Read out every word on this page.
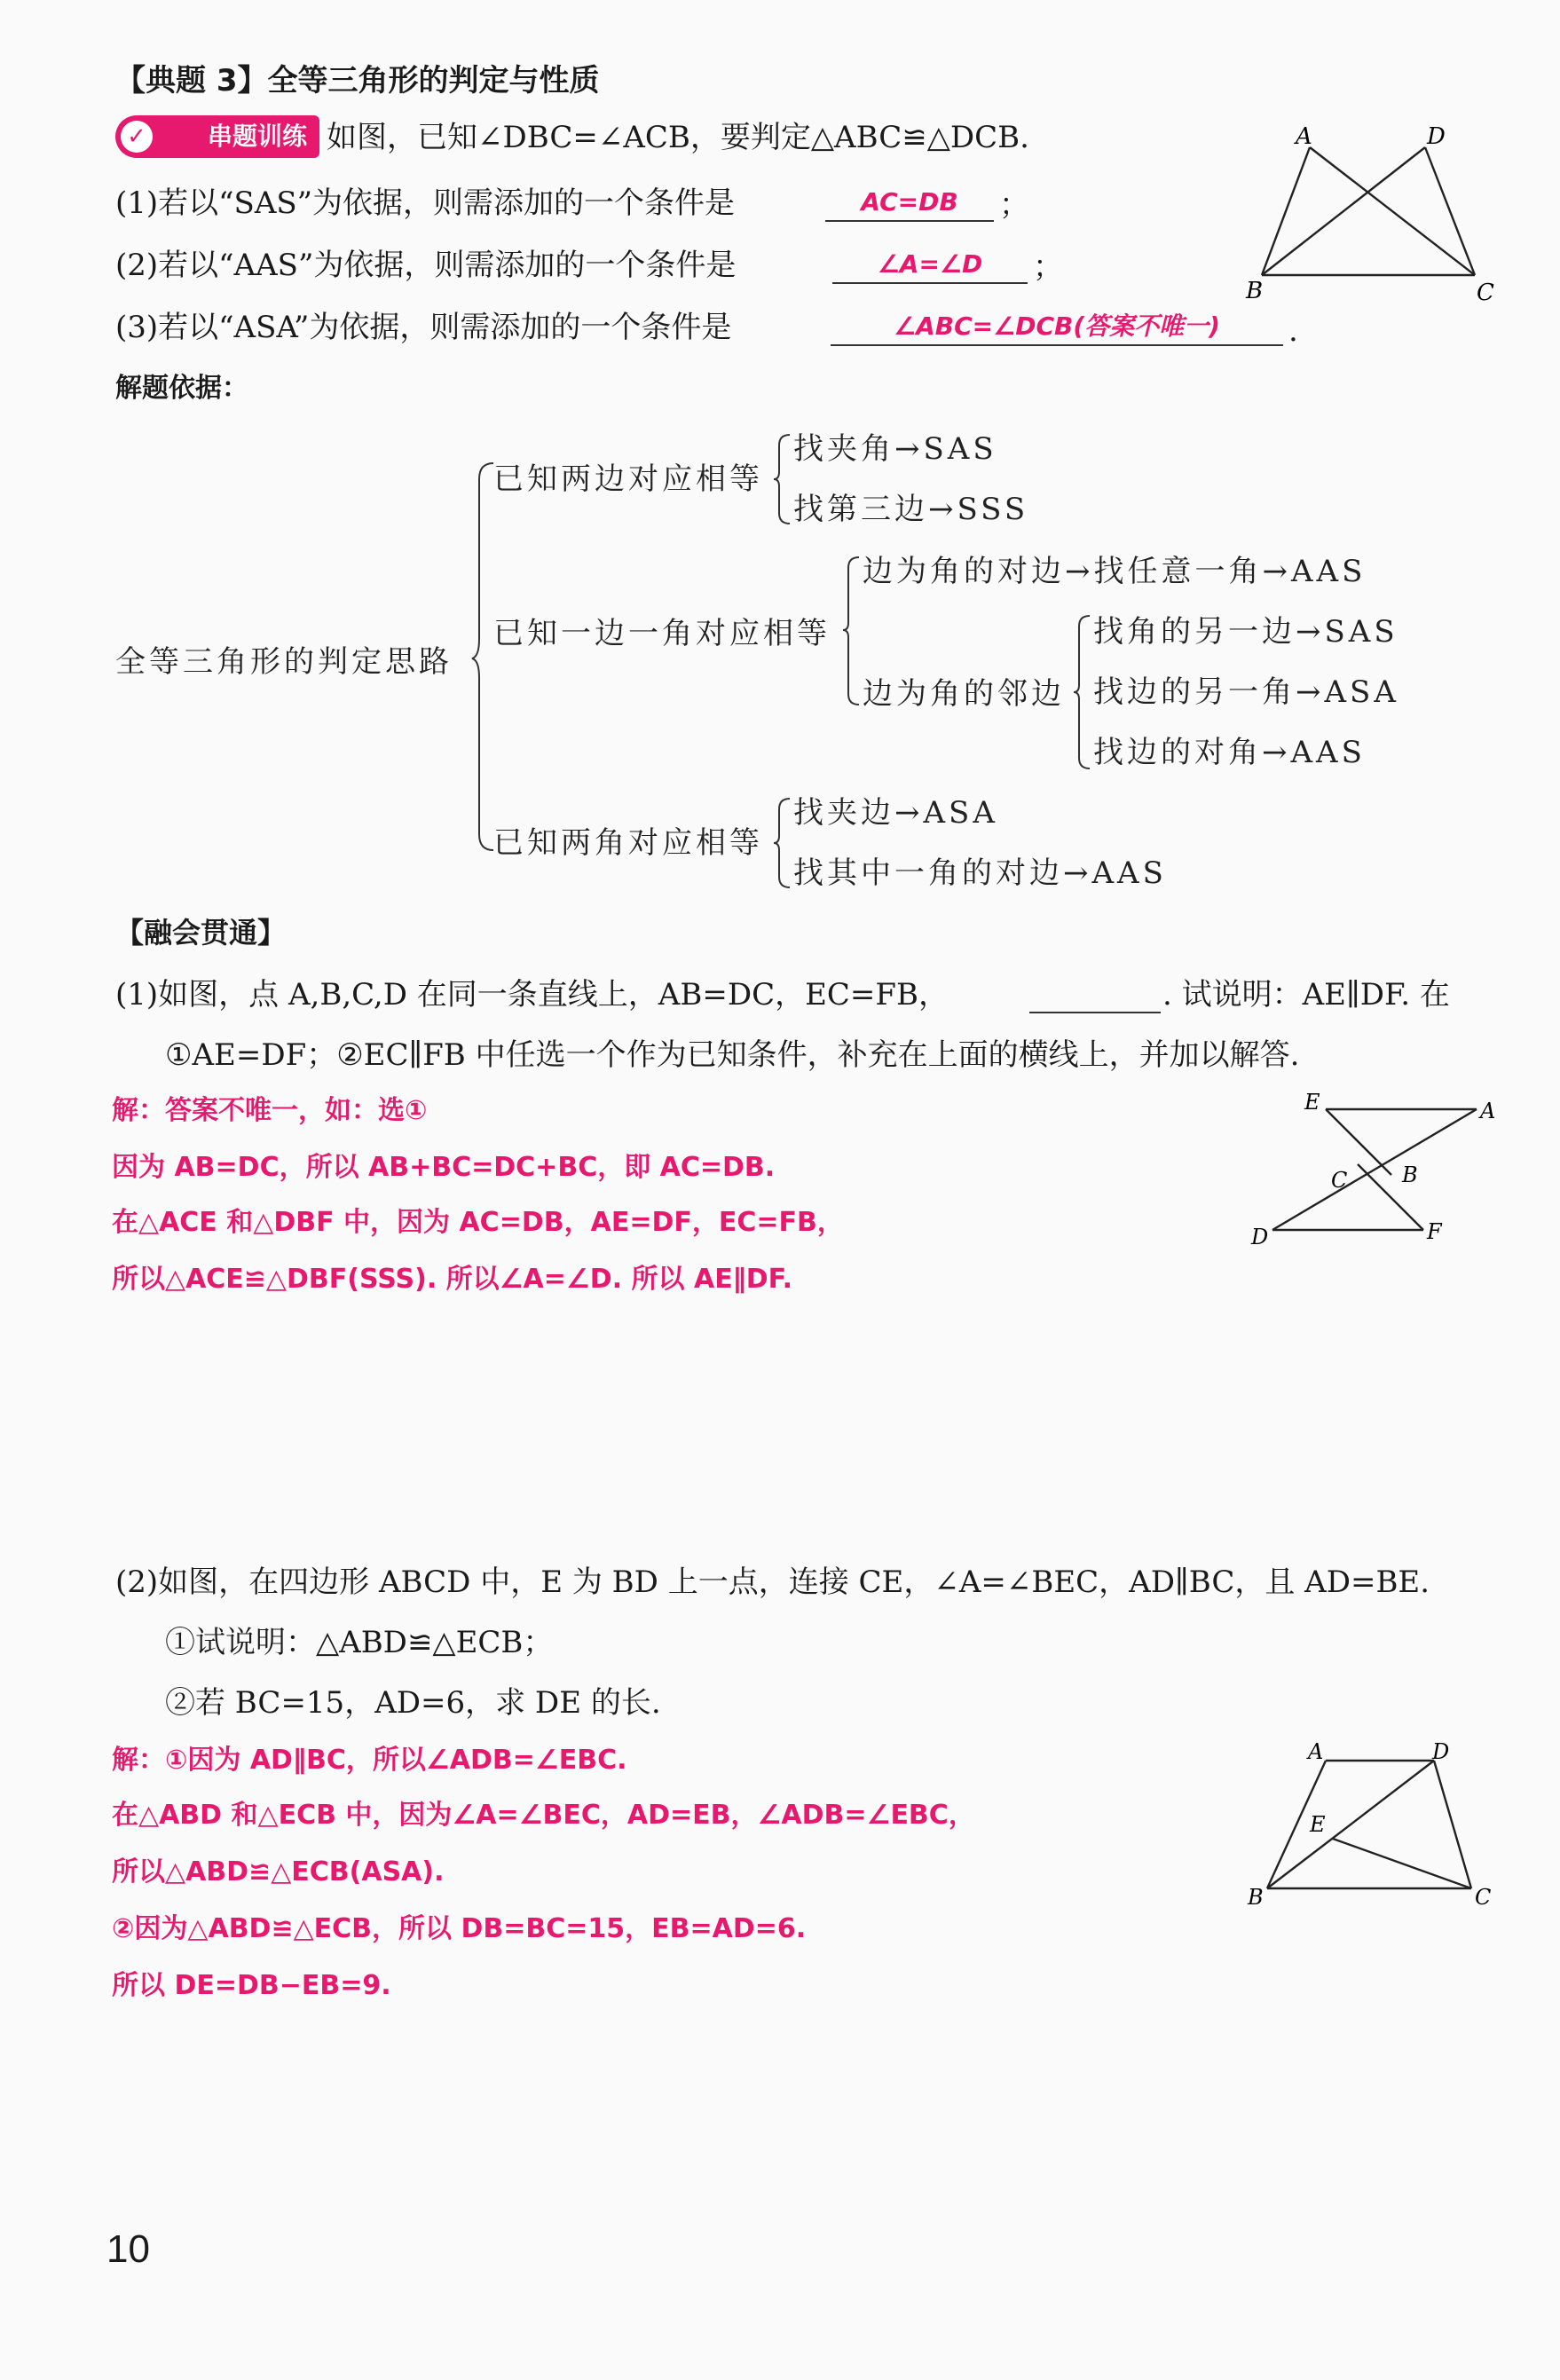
【典题 3】全等三角形的判定与性质
✓ 串题训练 如图，已知∠DBC=∠ACB，要判定△ABC≌△DCB.
(1)若以“SAS”为依据，则需添加的一个条件是	AC=DB	；
(2)若以“AAS”为依据，则需添加的一个条件是	∠A=∠D	；
(3)若以“ASA”为依据，则需添加的一个条件是	∠ABC=∠DCB(答案不唯一)	.
A	D
B	C
解题依据：
全等三角形的判定思路
已知两边对应相等
找夹角→SAS
找第三边→SSS
已知一边一角对应相等
边为角的对边→找任意一角→AAS
边为角的邻边
找角的另一边→SAS
找边的另一角→ASA
找边的对角→AAS
已知两角对应相等
找夹边→ASA
找其中一角的对边→AAS
【融会贯通】
(1)如图，点 A,B,C,D 在同一条直线上，AB=DC，EC=FB，	. 试说明：AE∥DF. 在
①AE=DF；②EC∥FB 中任选一个作为已知条件，补充在上面的横线上，并加以解答.
解：答案不唯一，如：选①
因为 AB=DC，所以 AB+BC=DC+BC，即 AC=DB.
在△ACE 和△DBF 中，因为 AC=DB，AE=DF，EC=FB，
所以△ACE≌△DBF(SSS). 所以∠A=∠D. 所以 AE∥DF.
E	A
C	B
D	F
(2)如图，在四边形 ABCD 中，E 为 BD 上一点，连接 CE，∠A=∠BEC，AD∥BC，且 AD=BE.
①试说明：△ABD≌△ECB；
②若 BC=15，AD=6，求 DE 的长.
解：①因为 AD∥BC，所以∠ADB=∠EBC.
在△ABD 和△ECB 中，因为∠A=∠BEC，AD=EB，∠ADB=∠EBC，
所以△ABD≌△ECB(ASA).
②因为△ABD≌△ECB，所以 DB=BC=15，EB=AD=6.
所以 DE=DB−EB=9.
A	D
E
B	C
10
